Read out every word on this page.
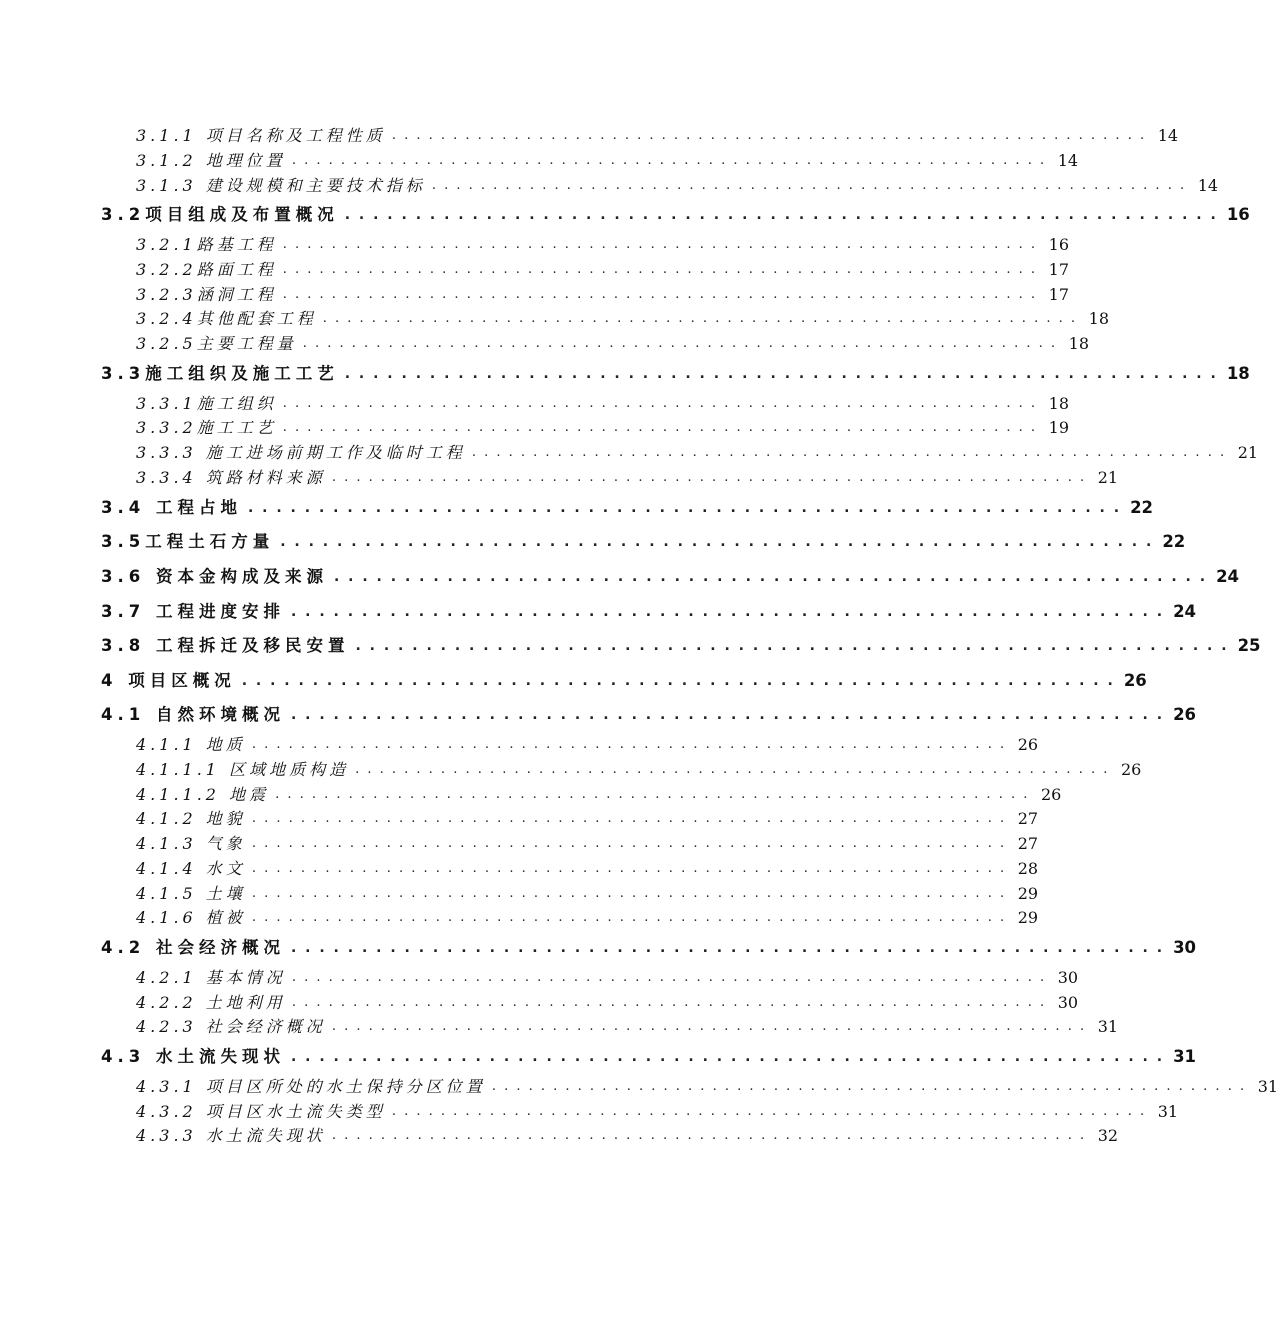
3.1.1 项目名称及工程性质 . . . . . . . . . . . . . . . . . . . . . . . . . . . . . . . . . . . . . . . . . . . . . . . . . . . . . . . . . . . . . . 14
3.1.2 地理位置 . . . . . . . . . . . . . . . . . . . . . . . . . . . . . . . . . . . . . . . . . . . . . . . . . . . . . . . . . . . . . . 14
3.1.3 建设规模和主要技术指标 . . . . . . . . . . . . . . . . . . . . . . . . . . . . . . . . . . . . . . . . . . . . . . . . . . . . . . . . . . . . . . 14
3.2项目组成及布置概况 . . . . . . . . . . . . . . . . . . . . . . . . . . . . . . . . . . . . . . . . . . . . . . . . . . . . . . . . . . . . . . 16
3.2.1路基工程 . . . . . . . . . . . . . . . . . . . . . . . . . . . . . . . . . . . . . . . . . . . . . . . . . . . . . . . . . . . . . . 16
3.2.2路面工程 . . . . . . . . . . . . . . . . . . . . . . . . . . . . . . . . . . . . . . . . . . . . . . . . . . . . . . . . . . . . . . 17
3.2.3涵洞工程 . . . . . . . . . . . . . . . . . . . . . . . . . . . . . . . . . . . . . . . . . . . . . . . . . . . . . . . . . . . . . . 17
3.2.4其他配套工程 . . . . . . . . . . . . . . . . . . . . . . . . . . . . . . . . . . . . . . . . . . . . . . . . . . . . . . . . . . . . . . 18
3.2.5主要工程量 . . . . . . . . . . . . . . . . . . . . . . . . . . . . . . . . . . . . . . . . . . . . . . . . . . . . . . . . . . . . . . 18
3.3施工组织及施工工艺 . . . . . . . . . . . . . . . . . . . . . . . . . . . . . . . . . . . . . . . . . . . . . . . . . . . . . . . . . . . . . . 18
3.3.1施工组织 . . . . . . . . . . . . . . . . . . . . . . . . . . . . . . . . . . . . . . . . . . . . . . . . . . . . . . . . . . . . . . 18
3.3.2施工工艺 . . . . . . . . . . . . . . . . . . . . . . . . . . . . . . . . . . . . . . . . . . . . . . . . . . . . . . . . . . . . . . 19
3.3.3 施工进场前期工作及临时工程 . . . . . . . . . . . . . . . . . . . . . . . . . . . . . . . . . . . . . . . . . . . . . . . . . . . . . . . . . . . . . . 21
3.3.4 筑路材料来源 . . . . . . . . . . . . . . . . . . . . . . . . . . . . . . . . . . . . . . . . . . . . . . . . . . . . . . . . . . . . . . 21
3.4 工程占地 . . . . . . . . . . . . . . . . . . . . . . . . . . . . . . . . . . . . . . . . . . . . . . . . . . . . . . . . . . . . . . 22
3.5工程土石方量 . . . . . . . . . . . . . . . . . . . . . . . . . . . . . . . . . . . . . . . . . . . . . . . . . . . . . . . . . . . . . . 22
3.6 资本金构成及来源 . . . . . . . . . . . . . . . . . . . . . . . . . . . . . . . . . . . . . . . . . . . . . . . . . . . . . . . . . . . . . . 24
3.7 工程进度安排 . . . . . . . . . . . . . . . . . . . . . . . . . . . . . . . . . . . . . . . . . . . . . . . . . . . . . . . . . . . . . . 24
3.8 工程拆迁及移民安置 . . . . . . . . . . . . . . . . . . . . . . . . . . . . . . . . . . . . . . . . . . . . . . . . . . . . . . . . . . . . . . 25
4 项目区概况 . . . . . . . . . . . . . . . . . . . . . . . . . . . . . . . . . . . . . . . . . . . . . . . . . . . . . . . . . . . . . . 26
4.1 自然环境概况 . . . . . . . . . . . . . . . . . . . . . . . . . . . . . . . . . . . . . . . . . . . . . . . . . . . . . . . . . . . . . . 26
4.1.1 地质 . . . . . . . . . . . . . . . . . . . . . . . . . . . . . . . . . . . . . . . . . . . . . . . . . . . . . . . . . . . . . . 26
4.1.1.1 区域地质构造 . . . . . . . . . . . . . . . . . . . . . . . . . . . . . . . . . . . . . . . . . . . . . . . . . . . . . . . . . . . . . . 26
4.1.1.2 地震 . . . . . . . . . . . . . . . . . . . . . . . . . . . . . . . . . . . . . . . . . . . . . . . . . . . . . . . . . . . . . . 26
4.1.2 地貌 . . . . . . . . . . . . . . . . . . . . . . . . . . . . . . . . . . . . . . . . . . . . . . . . . . . . . . . . . . . . . . 27
4.1.3 气象 . . . . . . . . . . . . . . . . . . . . . . . . . . . . . . . . . . . . . . . . . . . . . . . . . . . . . . . . . . . . . . 27
4.1.4 水文 . . . . . . . . . . . . . . . . . . . . . . . . . . . . . . . . . . . . . . . . . . . . . . . . . . . . . . . . . . . . . . 28
4.1.5 土壤 . . . . . . . . . . . . . . . . . . . . . . . . . . . . . . . . . . . . . . . . . . . . . . . . . . . . . . . . . . . . . . 29
4.1.6 植被 . . . . . . . . . . . . . . . . . . . . . . . . . . . . . . . . . . . . . . . . . . . . . . . . . . . . . . . . . . . . . . 29
4.2 社会经济概况 . . . . . . . . . . . . . . . . . . . . . . . . . . . . . . . . . . . . . . . . . . . . . . . . . . . . . . . . . . . . . . 30
4.2.1 基本情况 . . . . . . . . . . . . . . . . . . . . . . . . . . . . . . . . . . . . . . . . . . . . . . . . . . . . . . . . . . . . . . 30
4.2.2 土地利用 . . . . . . . . . . . . . . . . . . . . . . . . . . . . . . . . . . . . . . . . . . . . . . . . . . . . . . . . . . . . . . 30
4.2.3 社会经济概况 . . . . . . . . . . . . . . . . . . . . . . . . . . . . . . . . . . . . . . . . . . . . . . . . . . . . . . . . . . . . . . 31
4.3 水土流失现状 . . . . . . . . . . . . . . . . . . . . . . . . . . . . . . . . . . . . . . . . . . . . . . . . . . . . . . . . . . . . . . 31
4.3.1 项目区所处的水土保持分区位置 . . . . . . . . . . . . . . . . . . . . . . . . . . . . . . . . . . . . . . . . . . . . . . . . . . . . . . . . . . . . . . 31
4.3.2 项目区水土流失类型 . . . . . . . . . . . . . . . . . . . . . . . . . . . . . . . . . . . . . . . . . . . . . . . . . . . . . . . . . . . . . . 31
4.3.3 水土流失现状 . . . . . . . . . . . . . . . . . . . . . . . . . . . . . . . . . . . . . . . . . . . . . . . . . . . . . . . . . . . . . . 32
